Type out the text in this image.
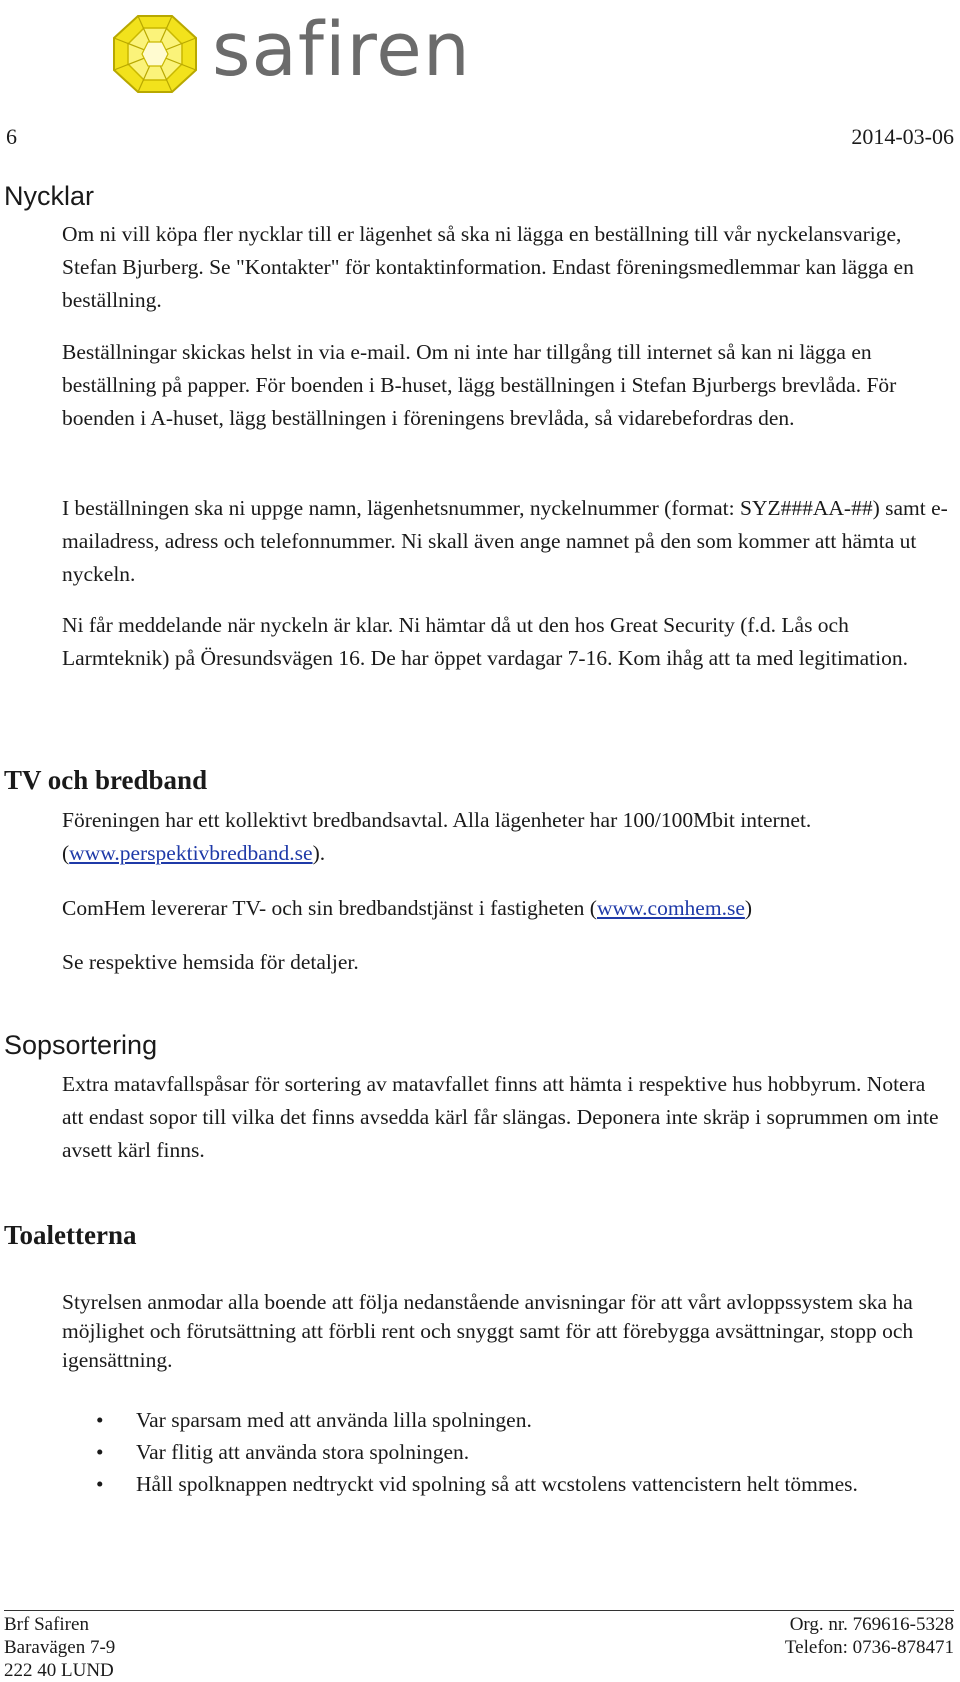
safiren
6	2014-03-06
Nycklar

Om ni vill köpa fler nycklar till er lägenhet så ska ni lägga en beställning till vår nyckelansvarige, Stefan Bjurberg. Se "Kontakter" för kontaktinformation. Endast föreningsmedlemmar kan lägga en beställning.

Beställningar skickas helst in via e-mail. Om ni inte har tillgång till internet så kan ni lägga en beställning på papper. För boenden i B-huset, lägg beställningen i Stefan Bjurbergs brevlåda. För boenden i A-huset, lägg beställningen i föreningens brevlåda, så vidarebefordras den.

I beställningen ska ni uppge namn, lägenhetsnummer, nyckelnummer (format: SYZ###AA-##) samt e-mailadress, adress och telefonnummer. Ni skall även ange namnet på den som kommer att hämta ut nyckeln.

Ni får meddelande när nyckeln är klar. Ni hämtar då ut den hos Great Security (f.d. Lås och Larmteknik) på Öresundsvägen 16. De har öppet vardagar 7-16. Kom ihåg att ta med legitimation.

TV och bredband

Föreningen har ett kollektivt bredbandsavtal. Alla lägenheter har 100/100Mbit internet. (www.perspektivbredband.se).

ComHem levererar TV- och sin bredbandstjänst i fastigheten (www.comhem.se)

Se respektive hemsida för detaljer.

Sopsortering

Extra matavfallspåsar för sortering av matavfallet finns att hämta i respektive hus hobbyrum. Notera att endast sopor till vilka det finns avsedda kärl får slängas. Deponera inte skräp i soprummen om inte avsett kärl finns.

Toaletterna

Styrelsen anmodar alla boende att följa nedanstående anvisningar för att vårt avloppssystem ska ha möjlighet och förutsättning att förbli rent och snyggt samt för att förebygga avsättningar, stopp och igensättning.

• Var sparsam med att använda lilla spolningen.
• Var flitig att använda stora spolningen.
• Håll spolknappen nedtryckt vid spolning så att wcstolens vattencistern helt tömmes.
Brf Safiren
Baravägen 7-9
222 40 LUND
Org. nr. 769616-5328
Telefon: 0736-878471
